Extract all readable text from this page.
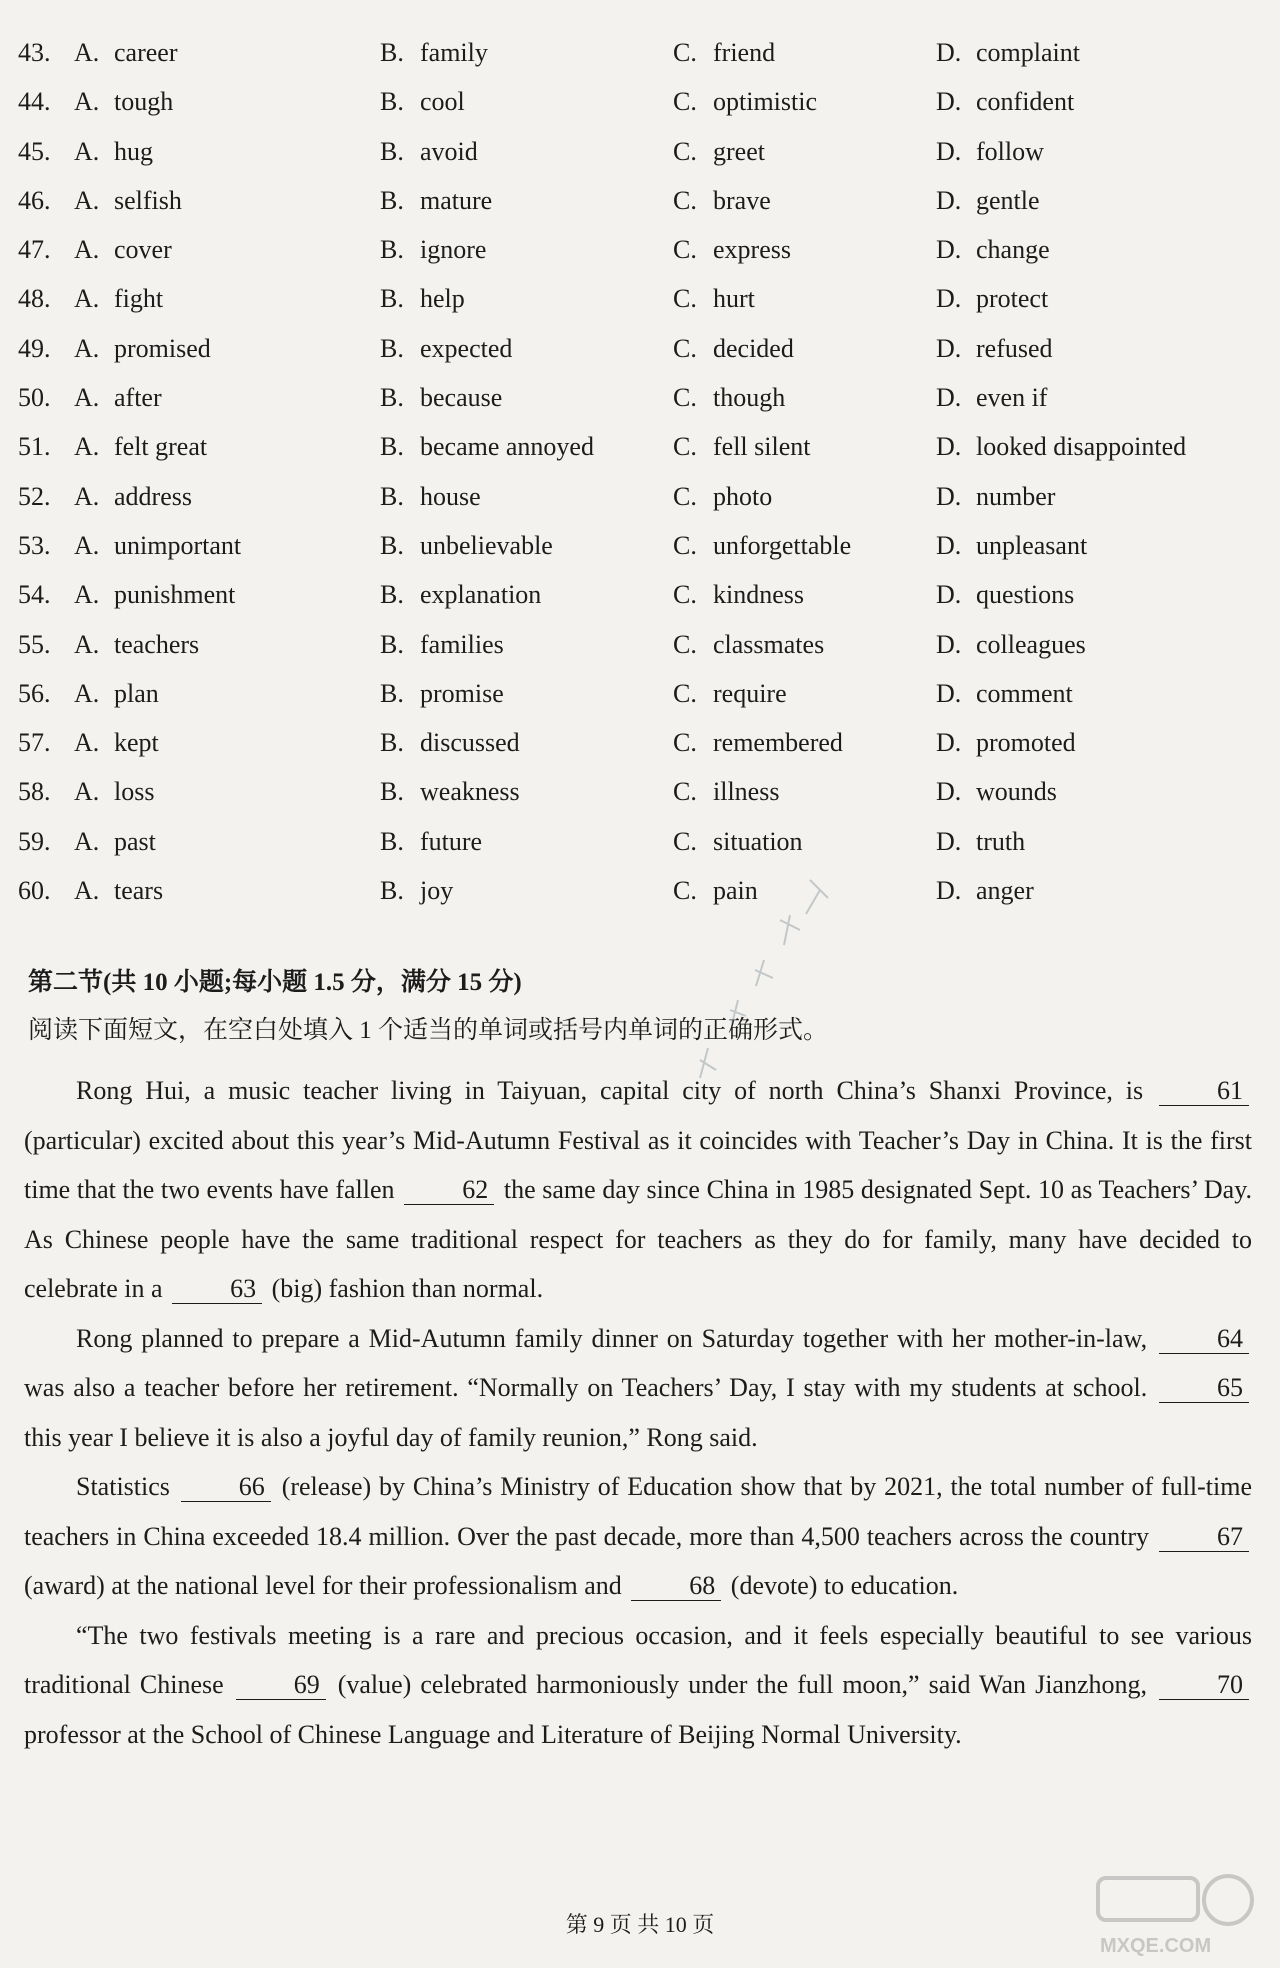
43. A. career	B. family	C. friend	D. complaint
44. A. tough	B. cool	C. optimistic	D. confident
45. A. hug	B. avoid	C. greet	D. follow
46. A. selfish	B. mature	C. brave	D. gentle
47. A. cover	B. ignore	C. express	D. change
48. A. fight	B. help	C. hurt	D. protect
49. A. promised	B. expected	C. decided	D. refused
50. A. after	B. because	C. though	D. even if
51. A. felt great	B. became annoyed	C. fell silent	D. looked disappointed
52. A. address	B. house	C. photo	D. number
53. A. unimportant	B. unbelievable	C. unforgettable	D. unpleasant
54. A. punishment	B. explanation	C. kindness	D. questions
55. A. teachers	B. families	C. classmates	D. colleagues
56. A. plan	B. promise	C. require	D. comment
57. A. kept	B. discussed	C. remembered	D. promoted
58. A. loss	B. weakness	C. illness	D. wounds
59. A. past	B. future	C. situation	D. truth
60. A. tears	B. joy	C. pain	D. anger
第二节(共 10 小题;每小题 1.5 分，满分 15 分)
阅读下面短文，在空白处填入 1 个适当的单词或括号内单词的正确形式。

Rong Hui, a music teacher living in Taiyuan, capital city of north China’s Shanxi Province, is	61 (particular) excited about this year’s Mid-Autumn Festival as it coincides with Teacher’s Day in China. It is the first time that the two events have fallen	62 the same day since China in 1985 designated Sept. 10 as Teachers’ Day. As Chinese people have the same traditional respect for teachers as they do for family, many have decided to celebrate in a	63 (big) fashion than normal.

Rong planned to prepare a Mid-Autumn family dinner on Saturday together with her mother-in-law,	64 was also a teacher before her retirement. “Normally on Teachers’ Day, I stay with my students at school.	65 this year I believe it is also a joyful day of family reunion,” Rong said.

Statistics	66 (release) by China’s Ministry of Education show that by 2021, the total number of full-time teachers in China exceeded 18.4 million. Over the past decade, more than 4,500 teachers across the country	67 (award) at the national level for their professionalism and	68 (devote) to education.

“The two festivals meeting is a rare and precious occasion, and it feels especially beautiful to see various traditional Chinese	69 (value) celebrated harmoniously under the full moon,” said Wan Jianzhong,	70 professor at the School of Chinese Language and Literature of Beijing Normal University.

第 9 页 共 10 页
MXQE.COM
